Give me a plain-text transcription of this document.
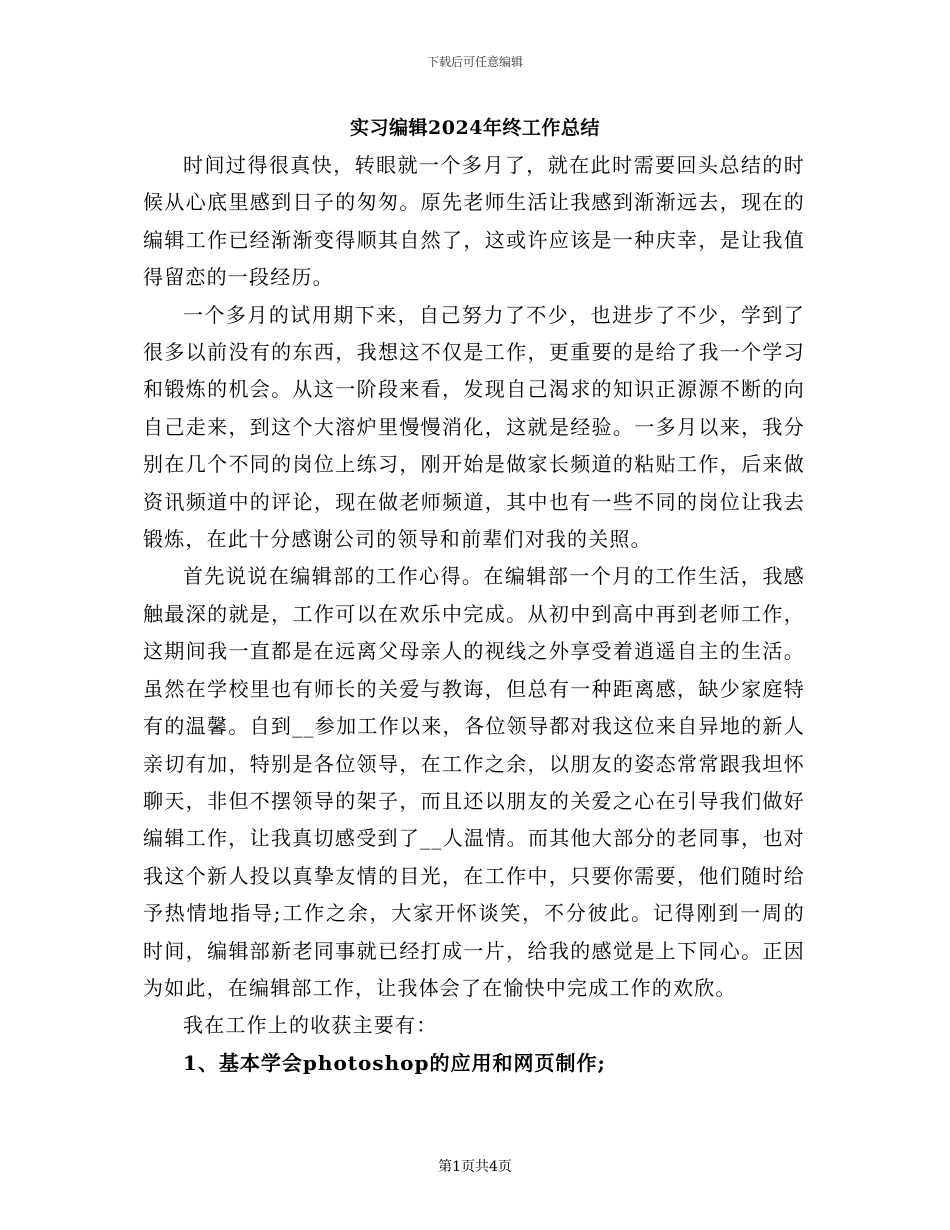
下载后可任意编辑
实习编辑2024年终工作总结

时间过得很真快，转眼就一个多月了，就在此时需要回头总结的时候从心底里感到日子的匆匆。原先老师生活让我感到渐渐远去，现在的编辑工作已经渐渐变得顺其自然了，这或许应该是一种庆幸，是让我值得留恋的一段经历。

一个多月的试用期下来，自己努力了不少，也进步了不少，学到了很多以前没有的东西，我想这不仅是工作，更重要的是给了我一个学习和锻炼的机会。从这一阶段来看，发现自己渴求的知识正源源不断的向自己走来，到这个大溶炉里慢慢消化，这就是经验。一多月以来，我分别在几个不同的岗位上练习，刚开始是做家长频道的粘贴工作，后来做资讯频道中的评论，现在做老师频道，其中也有一些不同的岗位让我去锻炼，在此十分感谢公司的领导和前辈们对我的关照。

首先说说在编辑部的工作心得。在编辑部一个月的工作生活，我感触最深的就是，工作可以在欢乐中完成。从初中到高中再到老师工作，这期间我一直都是在远离父母亲人的视线之外享受着逍遥自主的生活。虽然在学校里也有师长的关爱与教诲，但总有一种距离感，缺少家庭特有的温馨。自到__参加工作以来，各位领导都对我这位来自异地的新人亲切有加，特别是各位领导，在工作之余，以朋友的姿态常常跟我坦怀聊天，非但不摆领导的架子，而且还以朋友的关爱之心在引导我们做好编辑工作，让我真切感受到了__人温情。而其他大部分的老同事，也对我这个新人投以真挚友情的目光，在工作中，只要你需要，他们随时给予热情地指导;工作之余，大家开怀谈笑，不分彼此。记得刚到一周的时间，编辑部新老同事就已经打成一片，给我的感觉是上下同心。正因为如此，在编辑部工作，让我体会了在愉快中完成工作的欢欣。

我在工作上的收获主要有：

1、基本学会photoshop的应用和网页制作;

第1页共4页
